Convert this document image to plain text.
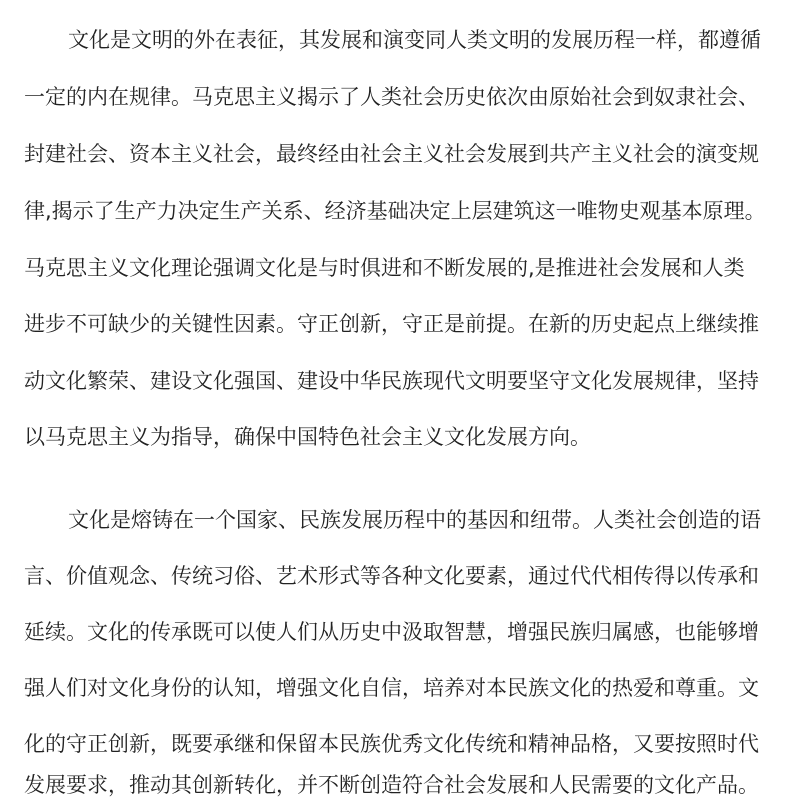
文化是文明的外在表征，其发展和演变同人类文明的发展历程一样，都遵循
一定的内在规律。马克思主义揭示了人类社会历史依次由原始社会到奴隶社会、
封建社会、资本主义社会，最终经由社会主义社会发展到共产主义社会的演变规
律,揭示了生产力决定生产关系、经济基础决定上层建筑这一唯物史观基本原理。
马克思主义文化理论强调文化是与时俱进和不断发展的,是推进社会发展和人类
进步不可缺少的关键性因素。守正创新，守正是前提。在新的历史起点上继续推
动文化繁荣、建设文化强国、建设中华民族现代文明要坚守文化发展规律，坚持
以马克思主义为指导，确保中国特色社会主义文化发展方向。
文化是熔铸在一个国家、民族发展历程中的基因和纽带。人类社会创造的语
言、价值观念、传统习俗、艺术形式等各种文化要素，通过代代相传得以传承和
延续。文化的传承既可以使人们从历史中汲取智慧，增强民族归属感，也能够增
强人们对文化身份的认知，增强文化自信，培养对本民族文化的热爱和尊重。文
化的守正创新，既要承继和保留本民族优秀文化传统和精神品格，又要按照时代
发展要求，推动其创新转化，并不断创造符合社会发展和人民需要的文化产品。
